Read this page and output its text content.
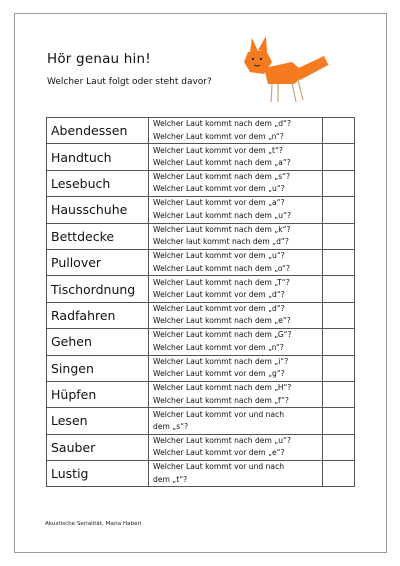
Hör genau hin!
Welcher Laut folgt oder steht davor?
Abendessen	Welcher Laut kommt nach dem „d“?
Welcher Laut kommt vor dem „n“?	

Handtuch	Welcher Laut kommt vor dem „t“?
Welcher Laut kommt nach dem „a“?	

Lesebuch	Welcher Laut kommt nach dem „s“?
Welcher Laut kommt vor dem „u“?	

Hausschuhe	Welcher Laut kommt vor dem „a“?
Welcher Laut kommt nach dem „u“?	

Bettdecke	Welcher Laut kommt nach dem „k“?
Welcher laut kommt nach dem „d“?	

Pullover	Welcher Laut kommt vor dem „u“?
Welcher Laut kommt nach dem „o“?	

Tischordnung	Welcher Laut kommt nach dem „T“?
Welcher Laut kommt vor dem „d“?	

Radfahren	Welcher Laut kommt vor dem „d“?
Welcher Laut kommt nach dem „e“?	

Gehen	Welcher Laut kommt nach dem „G“?
Welcher Laut kommt vor dem „n“?	

Singen	Welcher Laut kommt nach dem „i“?
Welcher Laut kommt vor dem „g“?	

Hüpfen	Welcher Laut kommt nach dem „H“?
Welcher Laut kommt nach dem „f“?	

Lesen	Welcher Laut kommt vor und nach
dem „s“?	

Sauber	Welcher Laut kommt nach dem „u“?
Welcher Laut kommt vor dem „e“?	

Lustig	Welcher Laut kommt vor und nach
dem „t“?	

Akustische Serialität, Maria Haberl
